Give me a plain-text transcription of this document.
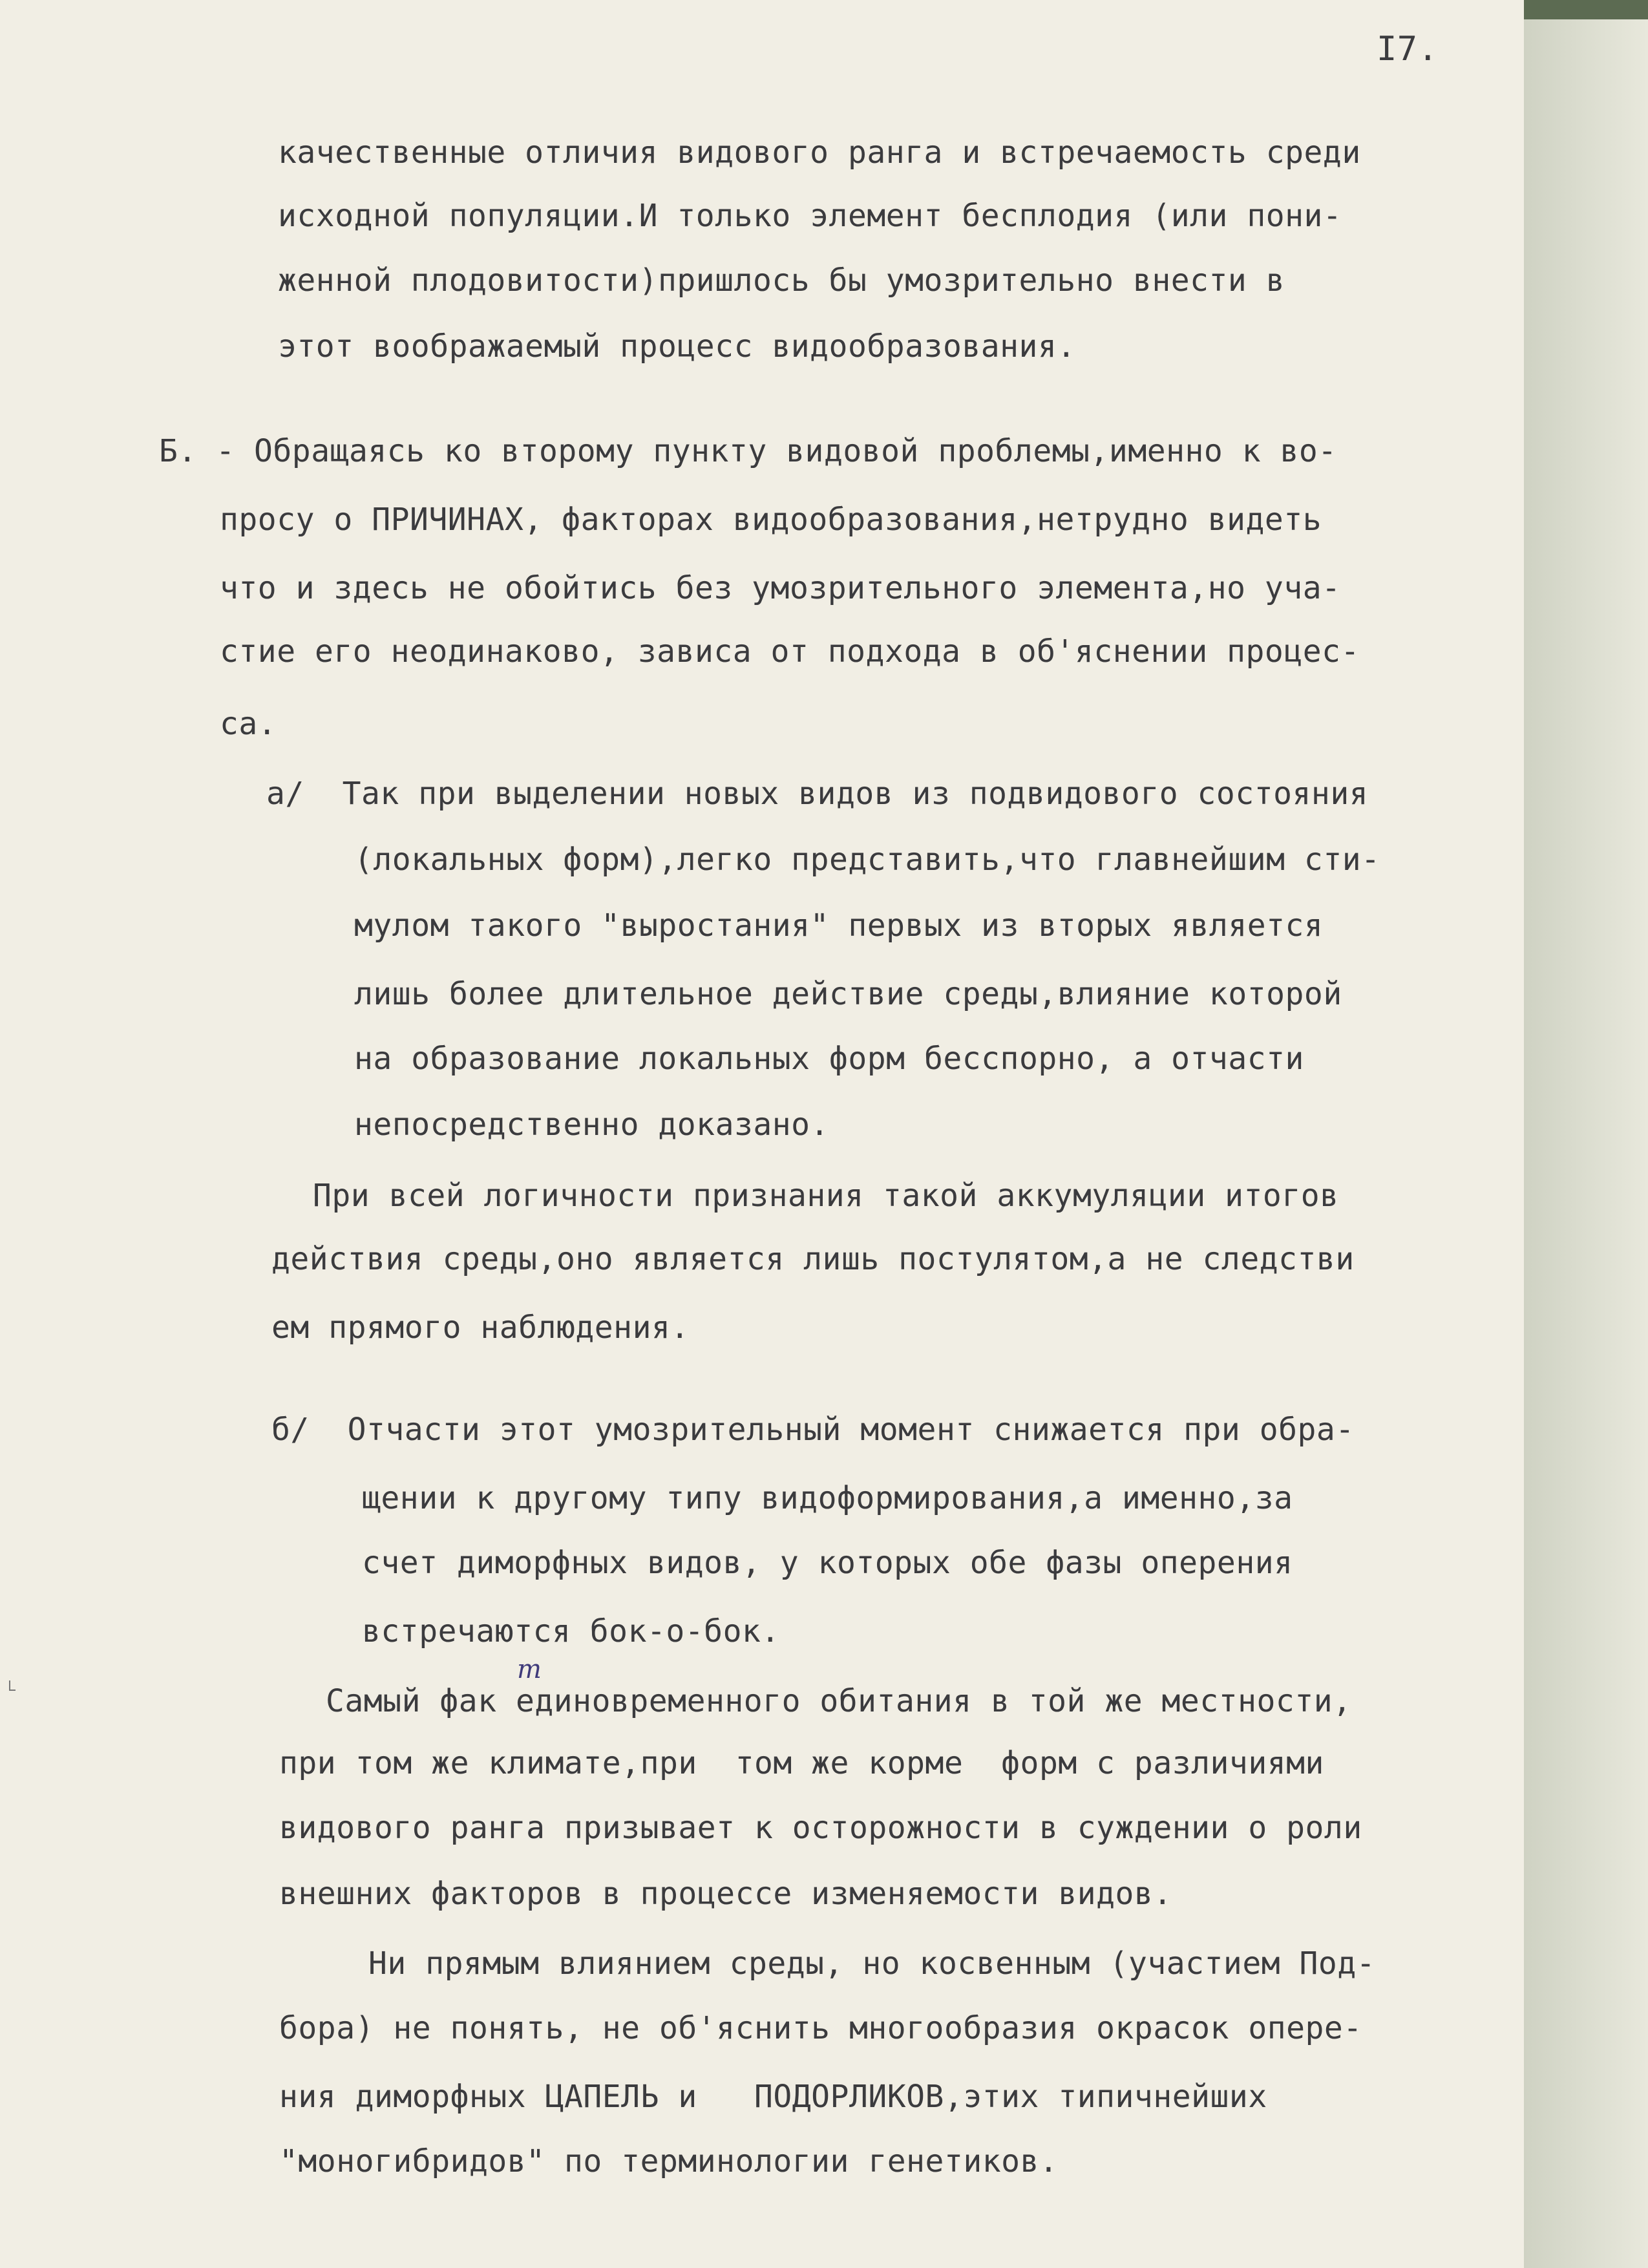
I7.
качественные отличия видового ранга и встречаемость среди
исходной популяции.И только элемент бесплодия (или пони-
женной плодовитости)пришлось бы умозрительно внести в
этот воображаемый процесс видообразования.
Б. - Обращаясь ко второму пункту видовой проблемы,именно к во-
просу о ПРИЧИНАХ, факторах видообразования,нетрудно видеть
что и здесь не обойтись без умозрительного элемента,но уча-
стие его неодинаково, зависа от подхода в об'яснении процес-
са.
а/  Так при выделении новых видов из подвидового состояния
(локальных форм),легко представить,что главнейшим сти-
мулом такого "выростания" первых из вторых является
лишь более длительное действие среды,влияние которой
на образование локальных форм бесспорно, а отчасти
непосредственно доказано.
При всей логичности признания такой аккумуляции итогов
действия среды,оно является лишь постулятом,а не следстви
ем прямого наблюдения.
б/  Отчасти этот умозрительный момент снижается при обра-
щении к другому типу видоформирования,а именно,за
счет диморфных видов, у которых обе фазы оперения
встречаются бок-о-бок.
т
Самый фак единовременного обитания в той же местности,
при том же климате,при  том же корме  форм с различиями
видового ранга призывает к осторожности в суждении о роли
внешних факторов в процессе изменяемости видов.
Ни прямым влиянием среды, но косвенным (участием Под-
бора) не понять, не об'яснить многообразия окрасок опере-
ния диморфных ЦАПЕЛЬ и   ПОДОРЛИКОВ,этих типичнейших
"моногибридов" по терминологии генетиков.
